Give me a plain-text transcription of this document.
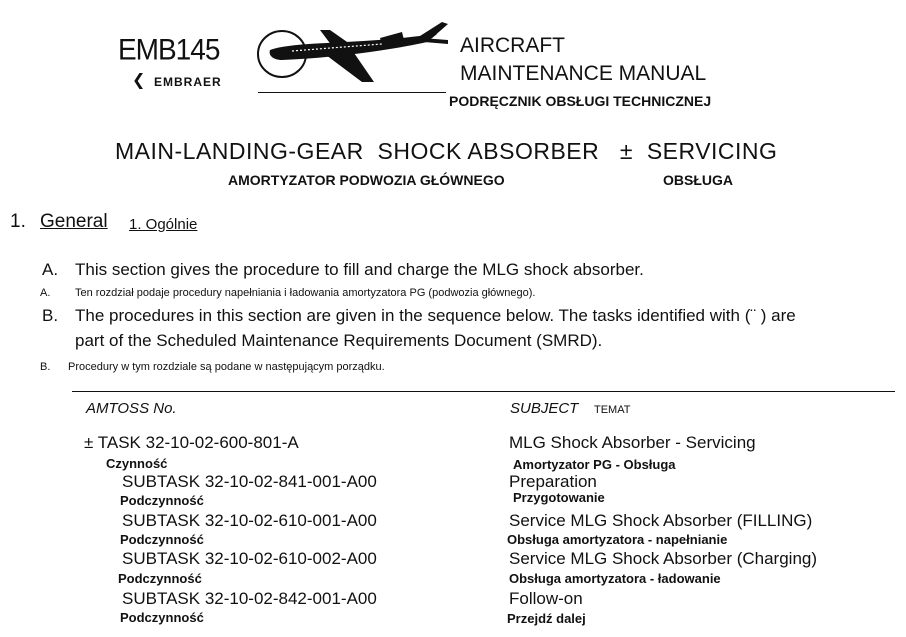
EMB145
❮ EMBRAER
AIRCRAFT
MAINTENANCE MANUAL
PODRĘCZNIK OBSŁUGI TECHNICZNEJ
MAIN-LANDING-GEAR  SHOCK ABSORBER   ±  SERVICING
AMORTYZATOR PODWOZIA GŁÓWNEGO	OBSŁUGA
1. General 1. Ogólnie
A. This section gives the procedure to fill and charge the MLG shock absorber.
A. Ten rozdział podaje procedury napełniania i ładowania amortyzatora PG (podwozia głównego).
B. The procedures in this section are given in the sequence below. The tasks identified with (¨ ) are
part of the Scheduled Maintenance Requirements Document (SMRD).
B. Procedury w tym rozdziale są podane w następującym porządku.
AMTOSS No.	SUBJECT TEMAT
± TASK 32-10-02-600-801-A
Czynność
MLG Shock Absorber - Servicing
Amortyzator PG - Obsługa
SUBTASK 32-10-02-841-001-A00
Podczynność
Preparation
Przygotowanie
SUBTASK 32-10-02-610-001-A00
Podczynność
Service MLG Shock Absorber (FILLING)
Obsługa amortyzatora - napełnianie
SUBTASK 32-10-02-610-002-A00
Podczynność
Service MLG Shock Absorber (Charging)
Obsługa amortyzatora - ładowanie
SUBTASK 32-10-02-842-001-A00
Podczynność
Follow-on
Przejdź dalej
